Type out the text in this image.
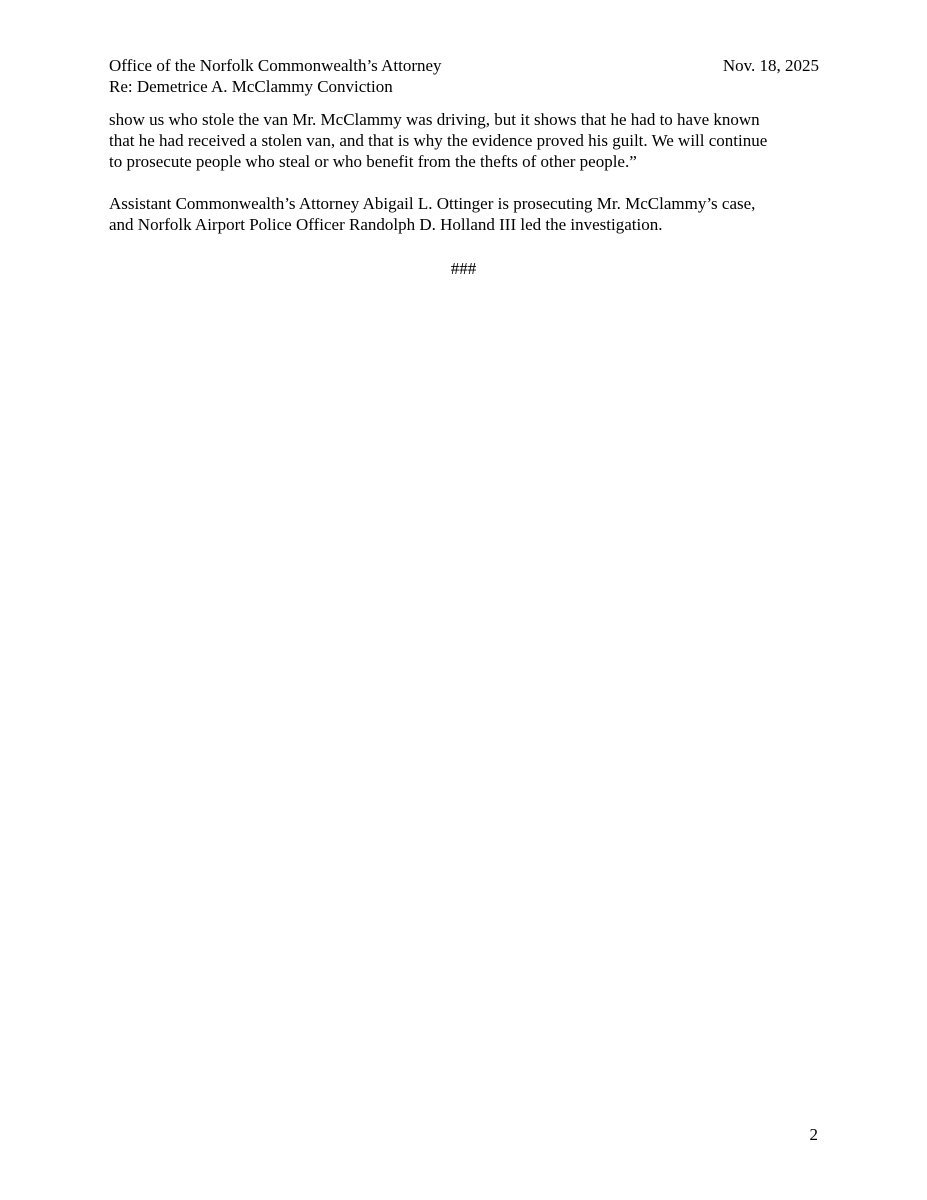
Office of the Norfolk Commonwealth’s Attorney	Nov. 18, 2025
Re: Demetrice A. McClammy Conviction
show us who stole the van Mr. McClammy was driving, but it shows that he had to have known
that he had received a stolen van, and that is why the evidence proved his guilt. We will continue
to prosecute people who steal or who benefit from the thefts of other people.”
Assistant Commonwealth’s Attorney Abigail L. Ottinger is prosecuting Mr. McClammy’s case,
and Norfolk Airport Police Officer Randolph D. Holland III led the investigation.
###
2
